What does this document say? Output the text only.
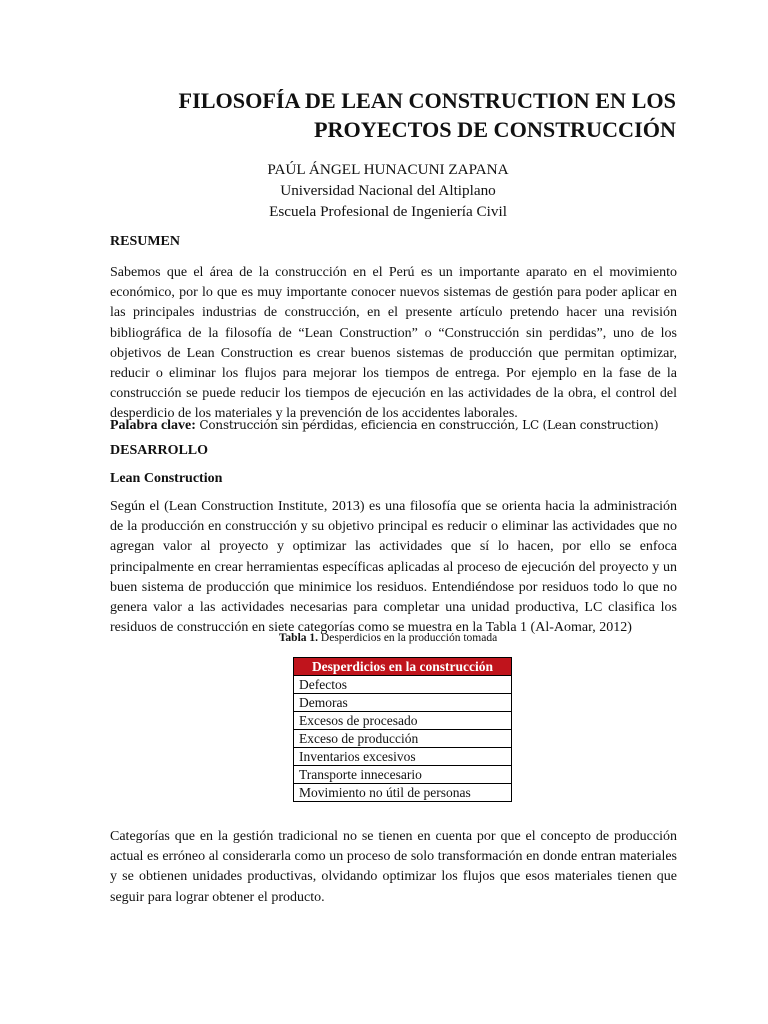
FILOSOFÍA DE LEAN CONSTRUCTION EN LOS
PROYECTOS DE CONSTRUCCIÓN
PAÚL ÁNGEL HUNACUNI ZAPANA
Universidad Nacional del Altiplano
Escuela Profesional de Ingeniería Civil
RESUMEN

Sabemos que el área de la construcción en el Perú es un importante aparato en el movimiento
económico, por lo que es muy importante conocer nuevos sistemas de gestión para poder aplicar en
las principales industrias de construcción, en el presente artículo pretendo hacer una revisión
bibliográfica de la filosofía de “Lean Construction” o “Construcción sin perdidas”, uno de los
objetivos de Lean Construction es crear buenos sistemas de producción que permitan optimizar,
reducir o eliminar los flujos para mejorar los tiempos de entrega. Por ejemplo en la fase de la
construcción se puede reducir los tiempos de ejecución en las actividades de la obra, el control del
desperdicio de los materiales y la prevención de los accidentes laborales.

Palabra clave: Construcción sin pérdidas, eficiencia en construcción, LC (Lean construction)
DESARROLLO
Lean Construction

Según el (Lean Construction Institute, 2013) es una filosofía que se orienta hacia la administración
de la producción en construcción y su objetivo principal es reducir o eliminar las actividades que no
agregan valor al proyecto y optimizar las actividades que sí lo hacen, por ello se enfoca
principalmente en crear herramientas específicas aplicadas al proceso de ejecución del proyecto y un
buen sistema de producción que minimice los residuos. Entendiéndose por residuos todo lo que no
genera valor a las actividades necesarias para completar una unidad productiva, LC clasifica los
residuos de construcción en siete categorías como se muestra en la Tabla 1 (Al-Aomar, 2012)

Tabla 1. Desperdicios en la producción tomada
Desperdicios en la construcción
Defectos
Demoras
Excesos de procesado
Exceso de producción
Inventarios excesivos
Transporte innecesario
Movimiento no útil de personas

Categorías que en la gestión tradicional no se tienen en cuenta por que el concepto de producción
actual es erróneo al considerarla como un proceso de solo transformación en donde entran materiales
y se obtienen unidades productivas, olvidando optimizar los flujos que esos materiales tienen que
seguir para lograr obtener el producto.
